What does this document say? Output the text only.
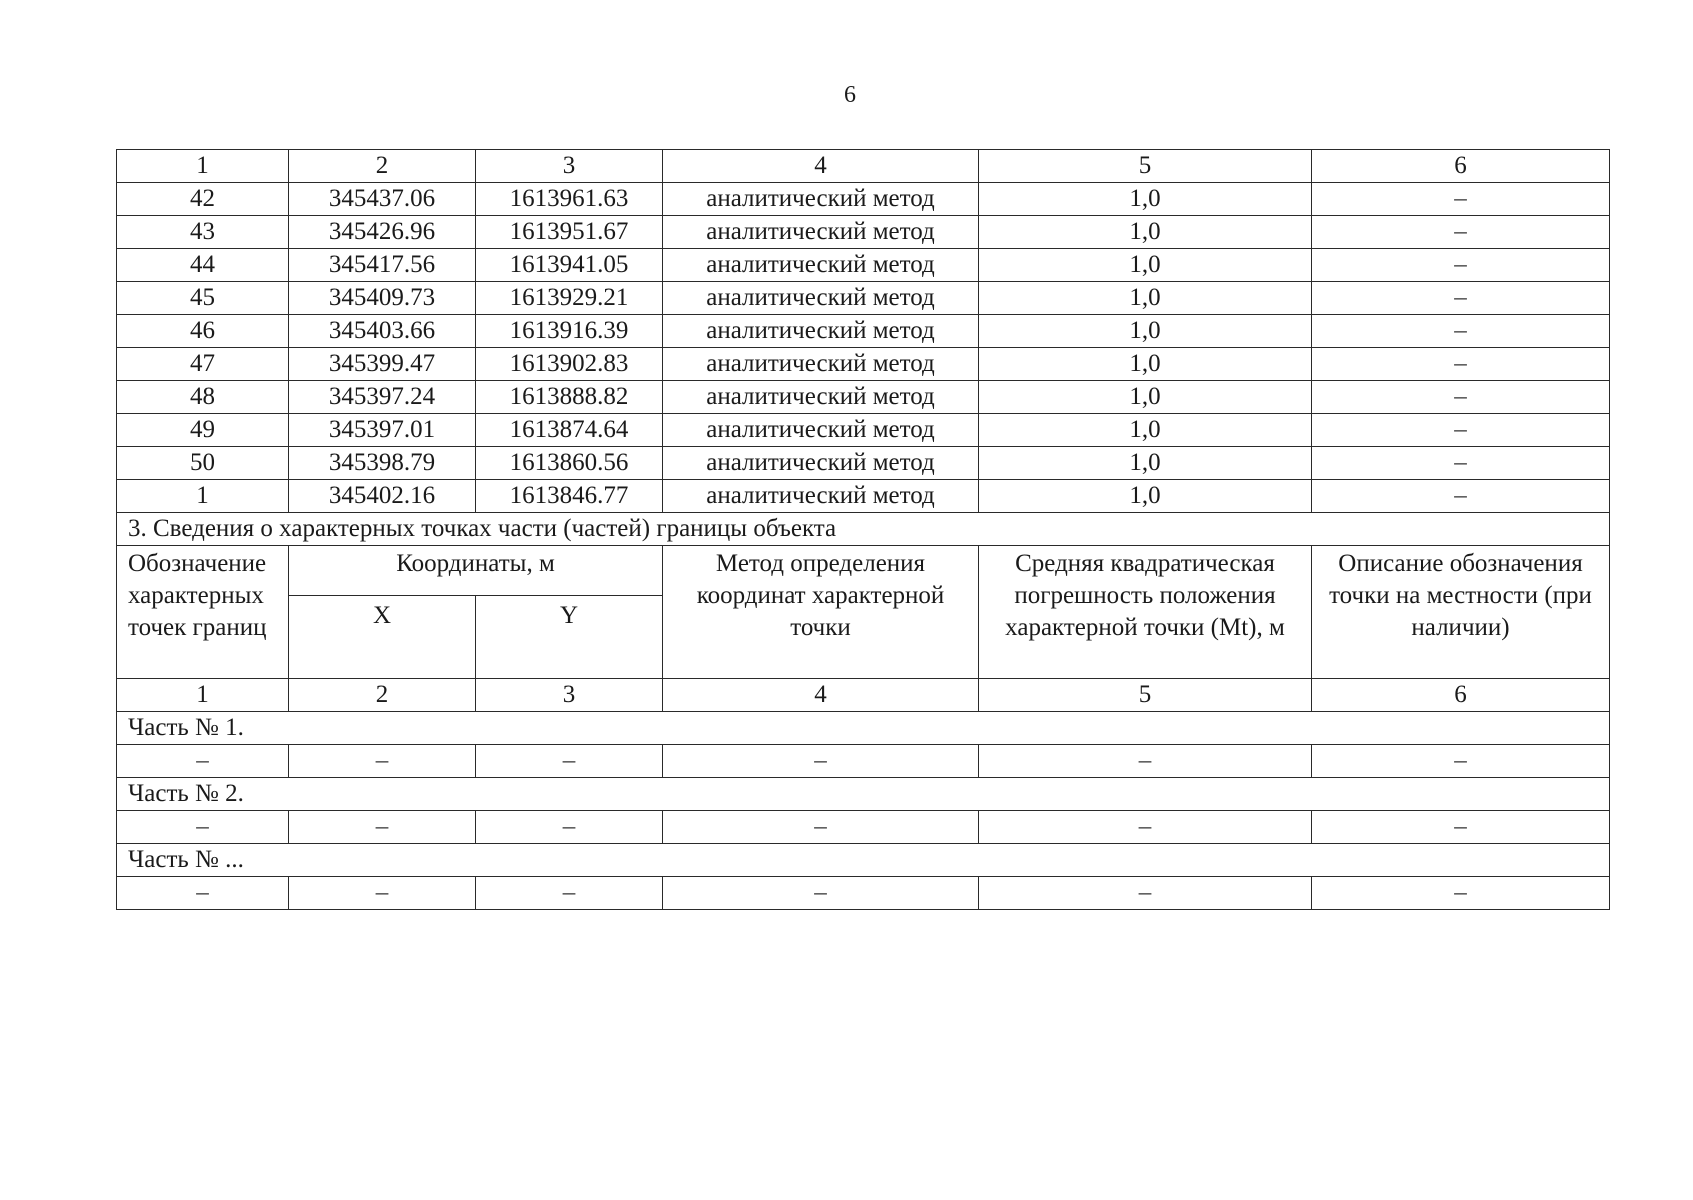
6
1	2	3	4	5	6
42	345437.06	1613961.63	аналитический метод	1,0	–
43	345426.96	1613951.67	аналитический метод	1,0	–
44	345417.56	1613941.05	аналитический метод	1,0	–
45	345409.73	1613929.21	аналитический метод	1,0	–
46	345403.66	1613916.39	аналитический метод	1,0	–
47	345399.47	1613902.83	аналитический метод	1,0	–
48	345397.24	1613888.82	аналитический метод	1,0	–
49	345397.01	1613874.64	аналитический метод	1,0	–
50	345398.79	1613860.56	аналитический метод	1,0	–
1	345402.16	1613846.77	аналитический метод	1,0	–
3. Сведения о характерных точках части (частей) границы объекта					
Обозначение характерных точек границ	Координаты, м		Метод определения координат характерной точки	Средняя квадратическая погрешность положения характерной точки (Mt), м	Описание обозначения точки на местности (при наличии)
	X	Y			
1	2	3	4	5	6
Часть № 1.					
–	–	–	–	–	–
Часть № 2.					
–	–	–	–	–	–
Часть № ...					
–	–	–	–	–	–
